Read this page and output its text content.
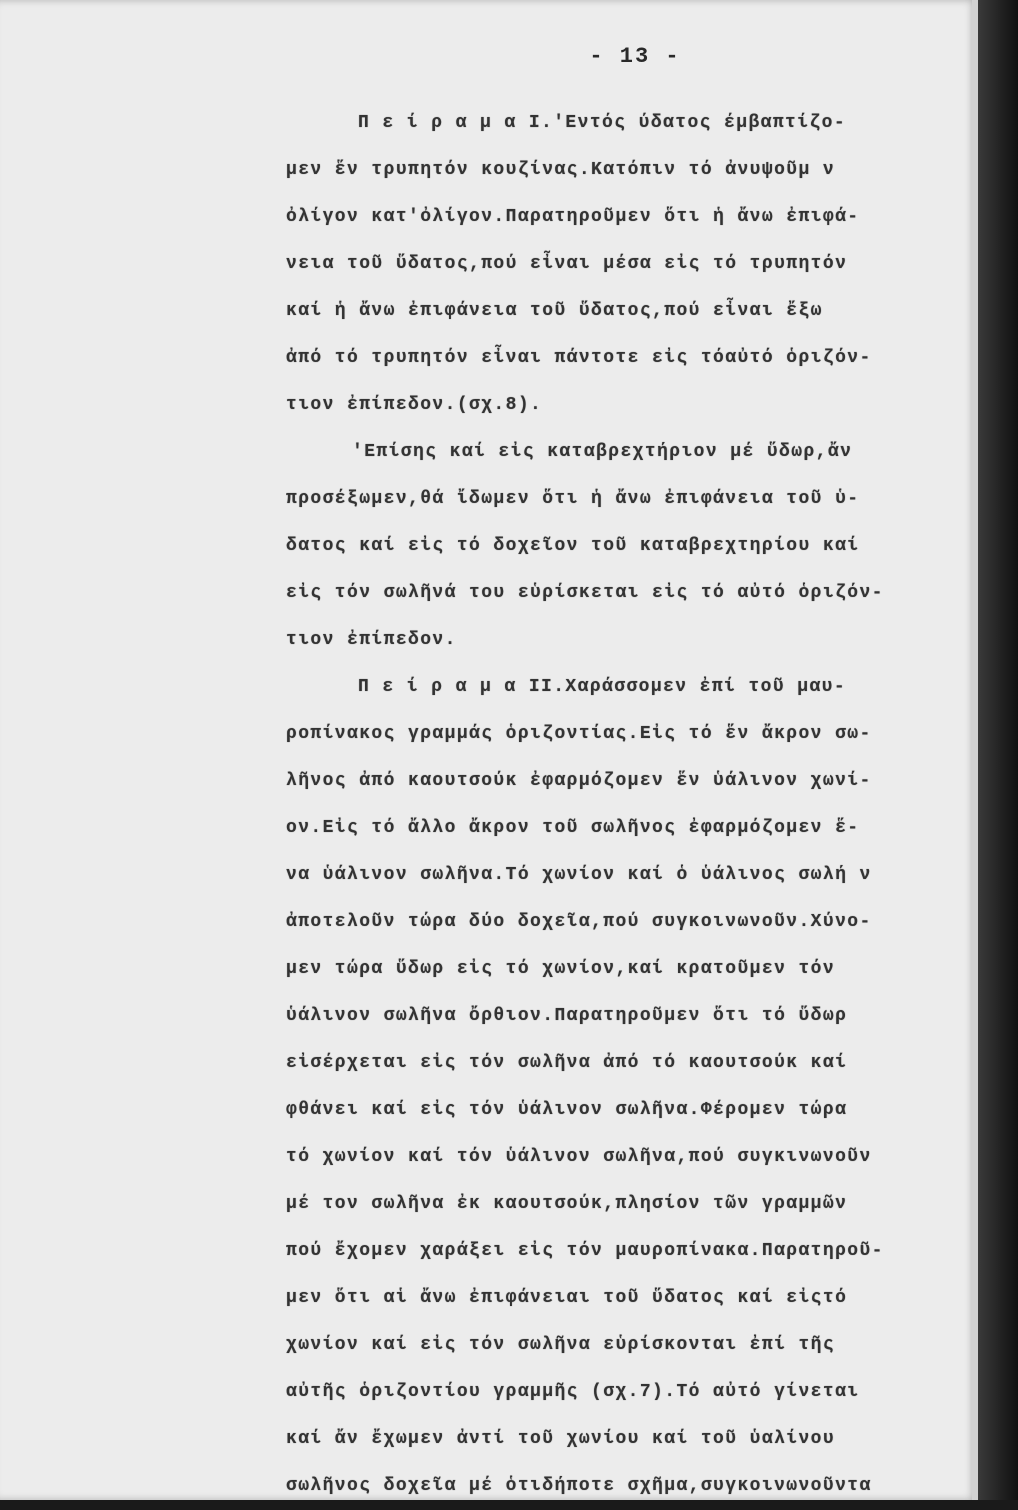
- 13 -
Π ε ί ρ α μ α I.'Εντός ύδατος έμβαπτίζο-
μεν ἕν τρυπητόν κουζίνας.Κατόπιν τό ἀνυψοῦμ ν
ὀλίγον κατ'ὀλίγον.Παρατηροῦμεν ὅτι ἡ ἄνω ἐπιφά-
νεια τοῦ ὕδατος,πού εἶναι μέσα εἰς τό τρυπητόν
καί ἡ ἄνω ἐπιφάνεια τοῦ ὕδατος,πού εἶναι ἔξω
ἀπό τό τρυπητόν εἶναι πάντοτε εἰς τόαὐτό ὁριζόν-
τιον ἐπίπεδον.(σχ.8).
'Επίσης καί εἰς καταβρεχτήριον μέ ὕδωρ,ἄν
προσέξωμεν,θά ἴδωμεν ὅτι ἡ ἄνω ἐπιφάνεια τοῦ ὑ-
δατος καί εἰς τό δοχεῖον τοῦ καταβρεχτηρίου καί
εἰς τόν σωλῆνά του εὑρίσκεται εἰς τό αὐτό ὁριζόν-
τιον ἐπίπεδον.
Π ε ί ρ α μ α II.Χαράσσομεν ἐπί τοῦ μαυ-
ροπίνακος γραμμάς ὁριζοντίας.Εἰς τό ἕν ἄκρον σω-
λῆνος ἀπό καουτσούκ ἐφαρμόζομεν ἕν ὑάλινον χωνί-
ον.Εἰς τό ἄλλο ἄκρον τοῦ σωλῆνος ἐφαρμόζομεν ἕ-
να ὑάλινον σωλῆνα.Τό χωνίον καί ὁ ὑάλινος σωλή ν
ἀποτελοῦν τώρα δύο δοχεῖα,πού συγκοινωνοῦν.Χύνο-
μεν τώρα ὕδωρ εἰς τό χωνίον,καί κρατοῦμεν τόν
ὑάλινον σωλῆνα ὄρθιον.Παρατηροῦμεν ὅτι τό ὕδωρ
εἰσέρχεται εἰς τόν σωλῆνα ἀπό τό καουτσούκ καί
φθάνει καί εἰς τόν ὑάλινον σωλῆνα.Φέρομεν τώρα
τό χωνίον καί τόν ὑάλινον σωλῆνα,πού συγκινωνοῦν
μέ τον σωλῆνα ἐκ καουτσούκ,πλησίον τῶν γραμμῶν
πού ἔχομεν χαράξει εἰς τόν μαυροπίνακα.Παρατηροῦ-
μεν ὅτι αἱ ἄνω ἐπιφάνειαι τοῦ ὕδατος καί εἰςτό
χωνίον καί εἰς τόν σωλῆνα εὑρίσκονται ἐπί τῆς
αὐτῆς ὁριζοντίου γραμμῆς (σχ.7).Τό αὐτό γίνεται
καί ἄν ἔχωμεν ἀντί τοῦ χωνίου καί τοῦ ὑαλίνου
σωλῆνος δοχεῖα μέ ὁτιδήποτε σχῆμα,συγκοινωνοῦντα
